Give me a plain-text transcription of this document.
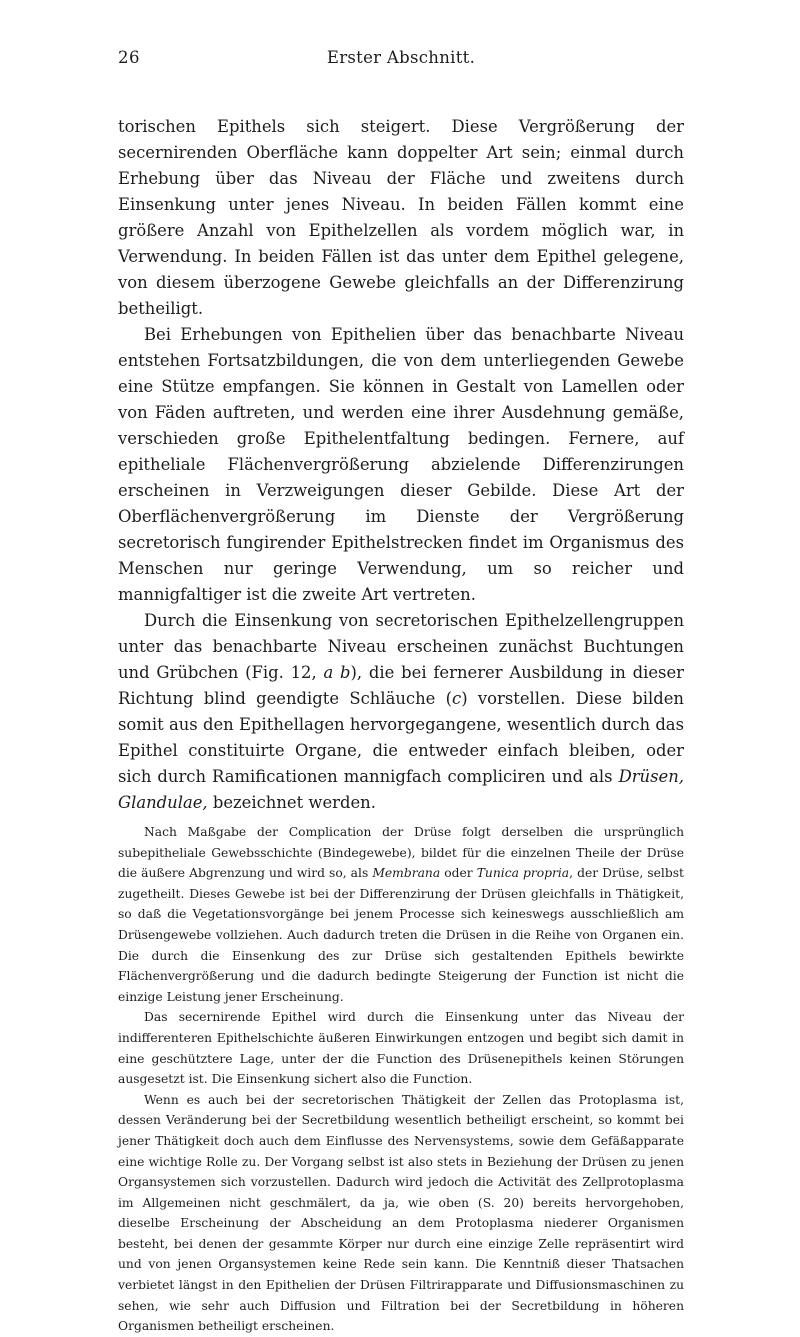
26	Erster Abschnitt.

torischen Epithels sich steigert. Diese Vergrößerung der secernirenden Oberfläche kann doppelter Art sein; einmal durch Erhebung über das Niveau der Fläche und zweitens durch Einsenkung unter jenes Niveau. In beiden Fällen kommt eine größere Anzahl von Epithelzellen als vordem möglich war, in Verwendung. In beiden Fällen ist das unter dem Epithel gelegene, von diesem überzogene Gewebe gleichfalls an der Differenzirung betheiligt.

Bei Erhebungen von Epithelien über das benachbarte Niveau entstehen Fortsatzbildungen, die von dem unterliegenden Gewebe eine Stütze empfangen. Sie können in Gestalt von Lamellen oder von Fäden auftreten, und werden eine ihrer Ausdehnung gemäße, verschieden große Epithelentfaltung bedingen. Fernere, auf epitheliale Flächenvergrößerung abzielende Differenzirungen erscheinen in Verzweigungen dieser Gebilde. Diese Art der Oberflächenvergrößerung im Dienste der Vergrößerung secretorisch fungirender Epithelstrecken findet im Organismus des Menschen nur geringe Verwendung, um so reicher und mannigfaltiger ist die zweite Art vertreten.

Durch die Einsenkung von secretorischen Epithelzellengruppen unter das benachbarte Niveau erscheinen zunächst Buchtungen und Grübchen (Fig. 12, a b), die bei fernerer Ausbildung in dieser Richtung blind geendigte Schläuche (c) vorstellen. Diese bilden somit aus den Epithellagen hervorgegangene, wesentlich durch das Epithel constituirte Organe, die entweder einfach bleiben, oder sich durch Ramificationen mannigfach compliciren und als Drüsen, Glandulae, bezeichnet werden.

Nach Maßgabe der Complication der Drüse folgt derselben die ursprünglich subepitheliale Gewebsschichte (Bindegewebe), bildet für die einzelnen Theile der Drüse die äußere Abgrenzung und wird so, als Membrana oder Tunica propria, der Drüse, selbst zugetheilt. Dieses Gewebe ist bei der Differenzirung der Drüsen gleichfalls in Thätigkeit, so daß die Vegetationsvorgänge bei jenem Processe sich keineswegs ausschließlich am Drüsengewebe vollziehen. Auch dadurch treten die Drüsen in die Reihe von Organen ein. Die durch die Einsenkung des zur Drüse sich gestaltenden Epithels bewirkte Flächenvergrößerung und die dadurch bedingte Steigerung der Function ist nicht die einzige Leistung jener Erscheinung.

Das secernirende Epithel wird durch die Einsenkung unter das Niveau der indifferenteren Epithelschichte äußeren Einwirkungen entzogen und begibt sich damit in eine geschütztere Lage, unter der die Function des Drüsenepithels keinen Störungen ausgesetzt ist. Die Einsenkung sichert also die Function.

Wenn es auch bei der secretorischen Thätigkeit der Zellen das Protoplasma ist, dessen Veränderung bei der Secretbildung wesentlich betheiligt erscheint, so kommt bei jener Thätigkeit doch auch dem Einflusse des Nervensystems, sowie dem Gefäßapparate eine wichtige Rolle zu. Der Vorgang selbst ist also stets in Beziehung der Drüsen zu jenen Organsystemen sich vorzustellen. Dadurch wird jedoch die Activität des Zellprotoplasma im Allgemeinen nicht geschmälert, da ja, wie oben (S. 20) bereits hervorgehoben, dieselbe Erscheinung der Abscheidung an dem Protoplasma niederer Organismen besteht, bei denen der gesammte Körper nur durch eine einzige Zelle repräsentirt wird und von jenen Organsystemen keine Rede sein kann. Die Kenntniß dieser Thatsachen verbietet längst in den Epithelien der Drüsen Filtrirapparate und Diffusionsmaschinen zu sehen, wie sehr auch Diffusion und Filtration bei der Secretbildung in höheren Organismen betheiligt erscheinen.
